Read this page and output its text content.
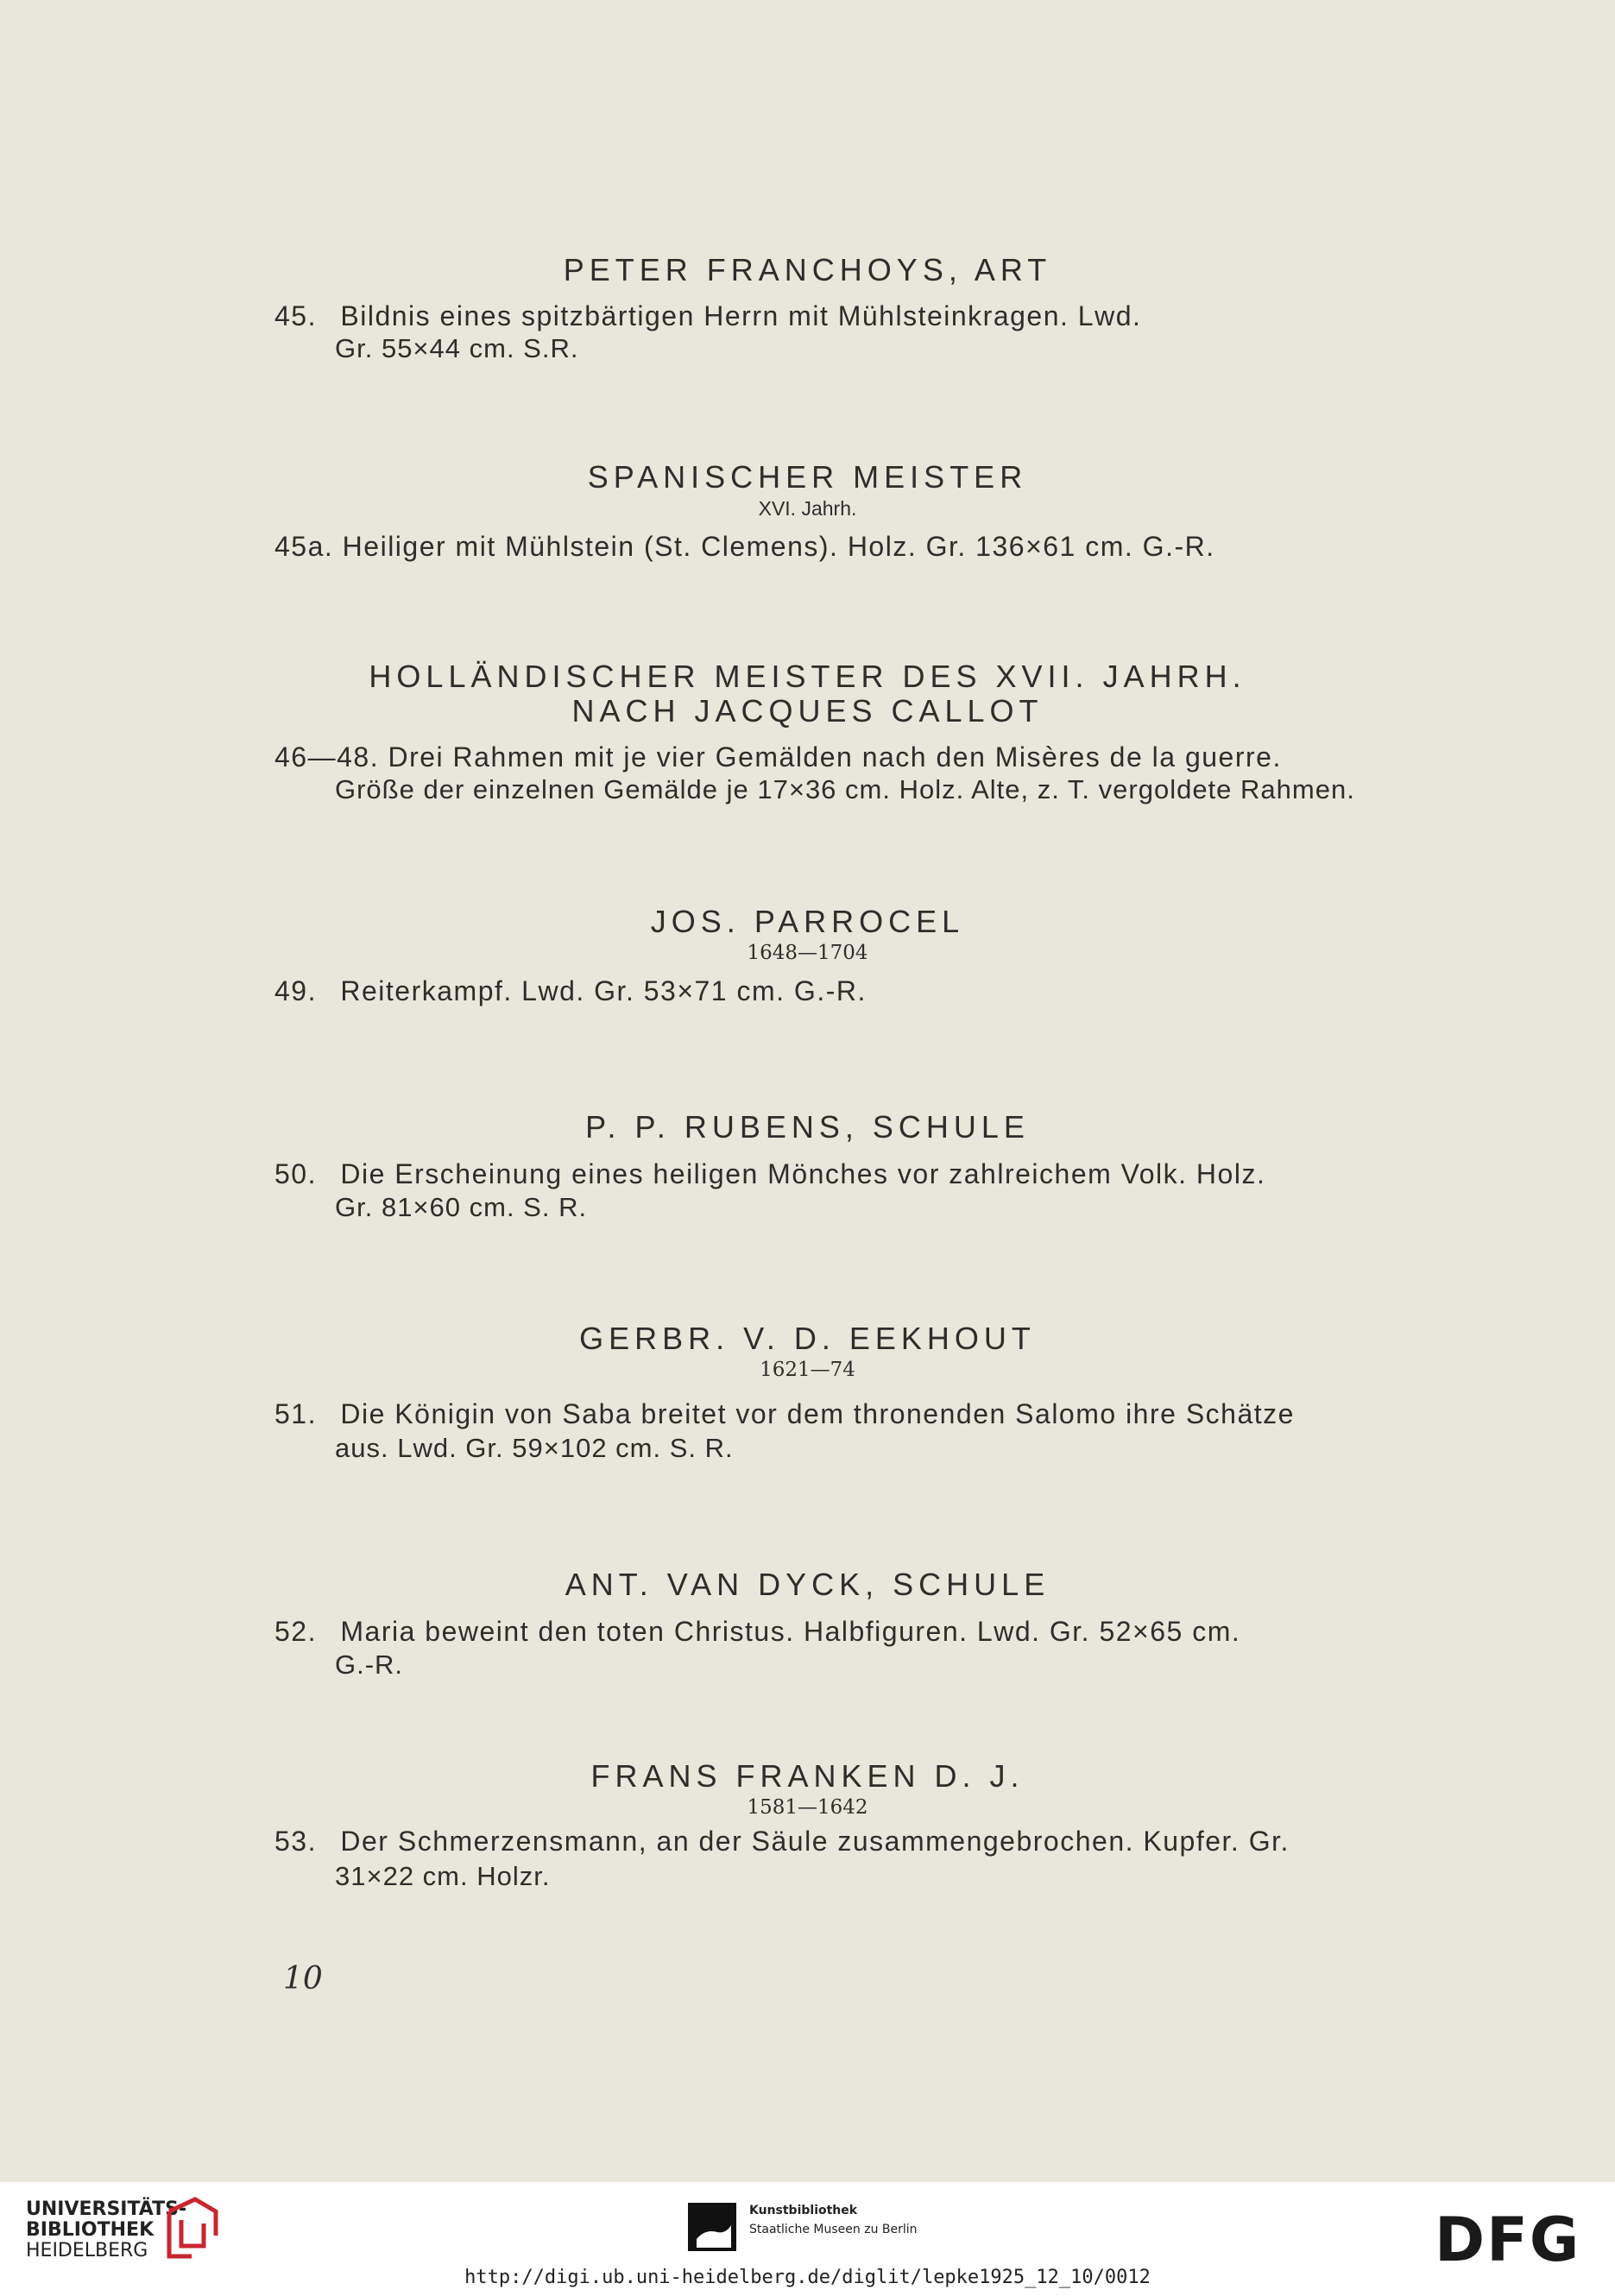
PETER FRANCHOYS, ART
45. Bildnis eines spitzbärtigen Herrn mit Mühlsteinkragen. Lwd.
Gr. 55×44 cm. S.R.
SPANISCHER MEISTER
XVI. Jahrh.
45a. Heiliger mit Mühlstein (St. Clemens). Holz. Gr. 136×61 cm. G.-R.
HOLLÄNDISCHER MEISTER DES XVII. JAHRH.
NACH JACQUES CALLOT
46—48. Drei Rahmen mit je vier Gemälden nach den Misères de la guerre.
Größe der einzelnen Gemälde je 17×36 cm. Holz. Alte, z. T. vergoldete Rahmen.
JOS. PARROCEL
1648—1704
49. Reiterkampf. Lwd. Gr. 53×71 cm. G.-R.
P. P. RUBENS, SCHULE
50. Die Erscheinung eines heiligen Mönches vor zahlreichem Volk. Holz.
Gr. 81×60 cm. S. R.
GERBR. V. D. EEKHOUT
1621—74
51. Die Königin von Saba breitet vor dem thronenden Salomo ihre Schätze
aus. Lwd. Gr. 59×102 cm. S. R.
ANT. VAN DYCK, SCHULE
52. Maria beweint den toten Christus. Halbfiguren. Lwd. Gr. 52×65 cm.
G.-R.
FRANS FRANKEN D. J.
1581—1642
53. Der Schmerzensmann, an der Säule zusammengebrochen. Kupfer. Gr.
31×22 cm. Holzr.
10
UNIVERSITÄTS-
BIBLIOTHEK
HEIDELBERG
Kunstbibliothek
Staatliche Museen zu Berlin	DFG
http://digi.ub.uni-heidelberg.de/diglit/lepke1925_12_10/0012
